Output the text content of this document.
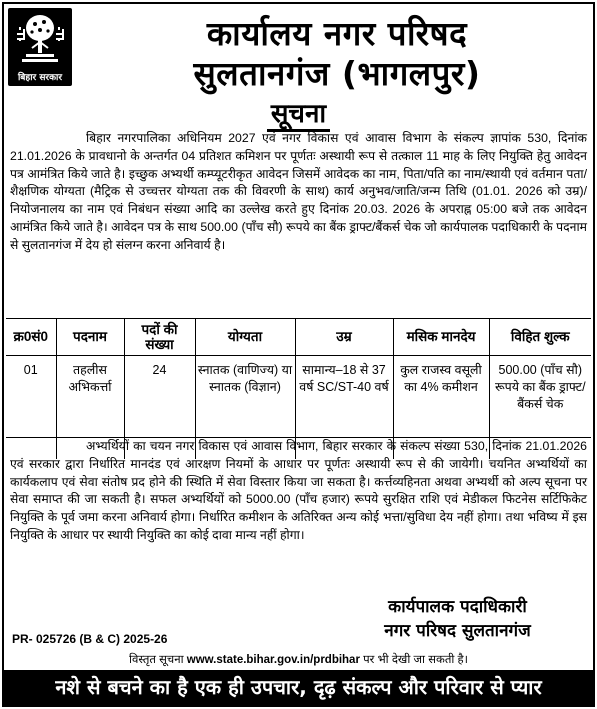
बिहार सरकार
कार्यालय नगर परिषद
सुलतानगंज (भागलपुर)
सूचना
बिहार नगरपालिका अधिनियम 2027 एवं नगर विकास एवं आवास विभाग के संकल्प ज्ञापांक 530, दिनांक 21.01.2026 के प्रावधानो के अन्तर्गत 04 प्रतिशत कमिशन पर पूर्णतः अस्थायी रूप से तत्काल 11 माह के लिए नियुक्ति हेतु आवेदन पत्र आमंत्रित किये जाते है। इच्छुक अभ्यर्थी कम्प्यूटरीकृत आवेदन जिसमें आवेदक का नाम, पिता/पति का नाम/स्थायी एवं वर्तमान पता/शैक्षणिक योग्यता (मैट्रिक से उच्चत्तर योग्यता तक की विवरणी के साथ) कार्य अनुभव/जाति/जन्म तिथि (01.01. 2026 को उम्र)/नियोजनालय का नाम एवं निबंधन संख्या आदि का उल्लेख करते हुए दिनांक 20.03. 2026 के अपराह्न 05:00 बजे तक आवेदन आमंत्रित किये जाते है। आवेदन पत्र के साथ 500.00 (पाँच सौ) रूपये का बैंक ड्राफ्ट/बैंकर्स चेक जो कार्यपालक पदाधिकारी के पदनाम से सुलतानगंज में देय हो संलग्न करना अनिवार्य है।
क्र0सं0	पदनाम	पदों की संख्या	योग्यता	उम्र	मसिक मानदेय	विहित शुल्क
01	तहलीस अभिकर्त्ता	24	स्नातक (वाणिज्य) या स्नातक (विज्ञान)	सामान्य–18 से 37 वर्ष SC/ST-40 वर्ष	कुल राजस्व वसूली का 4% कमीशन	500.00 (पाँच सौ) रूपये का बैंक ड्राफ्ट/बैंकर्स चेक
अभ्यर्थियों का चयन नगर विकास एवं आवास विभाग, बिहार सरकार के संकल्प संख्या 530, दिनांक 21.01.2026 एवं सरकार द्वारा निर्धारित मानदंड एवं आरक्षण नियमों के आधार पर पूर्णतः अस्थायी रूप से की जायेगी। चयनित अभ्यर्थियों का कार्यकलाप एवं सेवा संतोष प्रद होने की स्थिति में सेवा विस्तार किया जा सकता है। कर्त्तव्यहिनता अथवा अभ्यर्थी को अल्प सूचना पर सेवा समाप्त की जा सकती है। सफल अभ्यर्थियों को 5000.00 (पाँच हजार) रूपये सुरक्षित राशि एवं मेडीकल फिटनेस सर्टिफिकेट नियुक्ति के पूर्व जमा करना अनिवार्य होगा। निर्धारित कमीशन के अतिरिक्त अन्य कोई भत्ता/सुविधा देय नहीं होगा। तथा भविष्य में इस नियुक्ति के आधार पर स्थायी नियुक्ति का कोई दावा मान्य नहीं होगा।
कार्यपालक पदाधिकारी
नगर परिषद सुलतानगंज
PR- 025726 (B & C) 2025-26
विस्तृत सूचना www.state.bihar.gov.in/prdbihar पर भी देखी जा सकती है।
नशे से बचने का है एक ही उपचार, दृढ़ संकल्प और परिवार से प्यार
